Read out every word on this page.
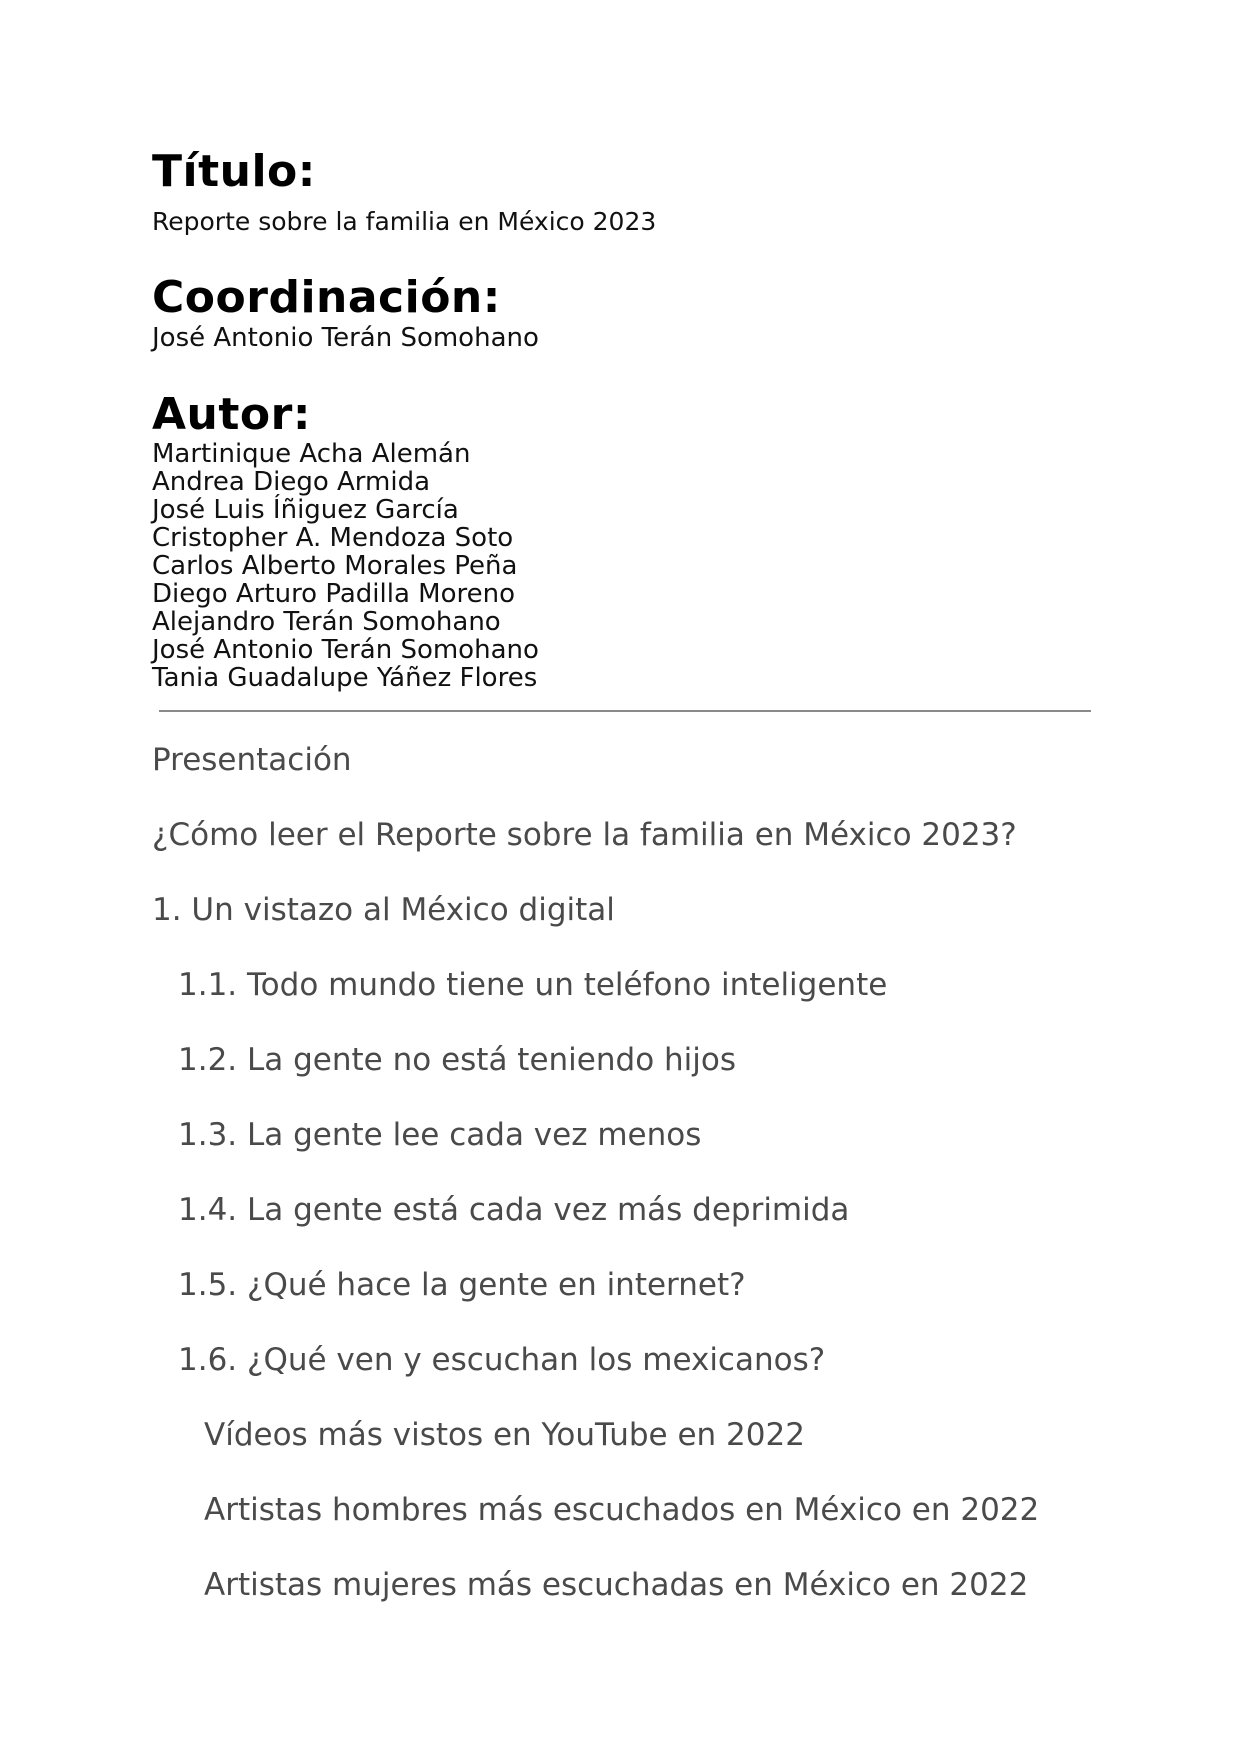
Título:
Reporte sobre la familia en México 2023
Coordinación:
José Antonio Terán Somohano
Autor:
Martinique Acha Alemán
Andrea Diego Armida
José Luis Íñiguez García
Cristopher A. Mendoza Soto
Carlos Alberto Morales Peña
Diego Arturo Padilla Moreno
Alejandro Terán Somohano
José Antonio Terán Somohano
Tania Guadalupe Yáñez Flores
Presentación
¿Cómo leer el Reporte sobre la familia en México 2023?
1. Un vistazo al México digital
1.1. Todo mundo tiene un teléfono inteligente
1.2. La gente no está teniendo hijos
1.3. La gente lee cada vez menos
1.4. La gente está cada vez más deprimida
1.5. ¿Qué hace la gente en internet?
1.6. ¿Qué ven y escuchan los mexicanos?
Vídeos más vistos en YouTube en 2022
Artistas hombres más escuchados en México en 2022
Artistas mujeres más escuchadas en México en 2022
